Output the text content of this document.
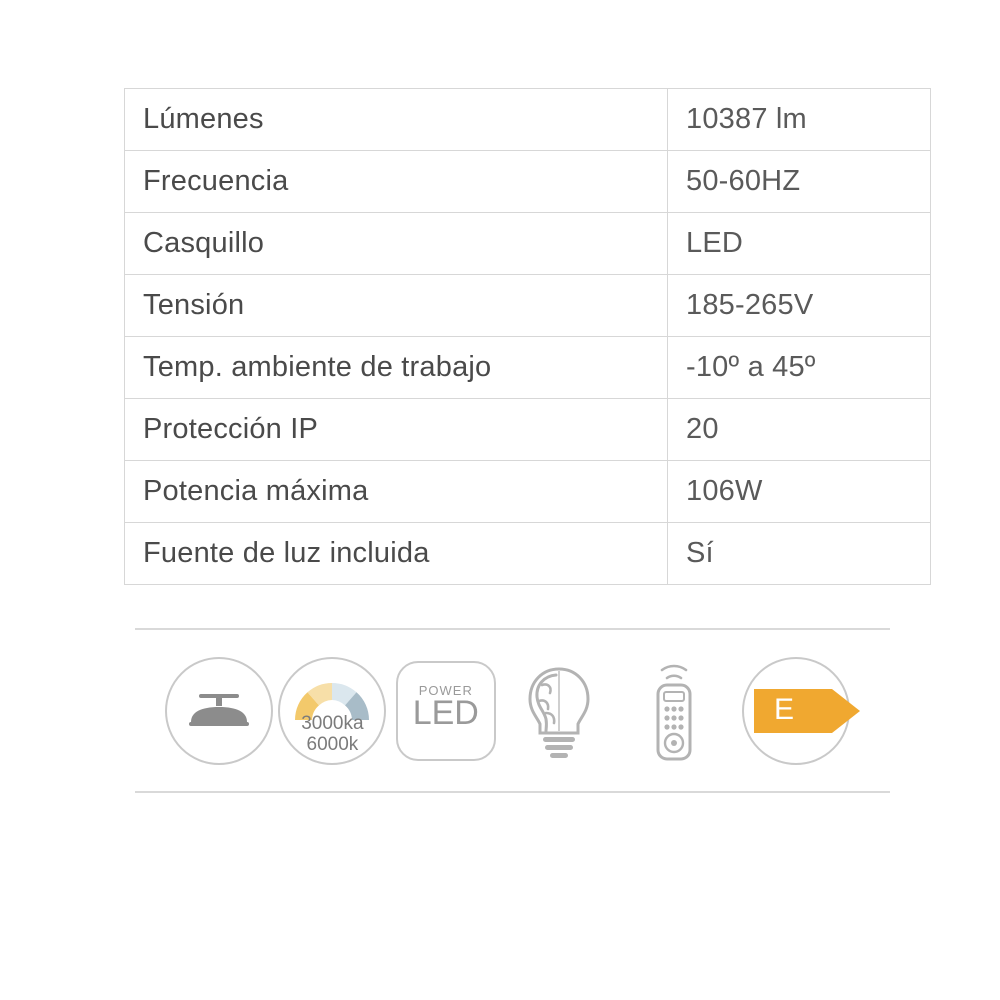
Lúmenes	10387 lm
Frecuencia	50-60HZ
Casquillo	LED
Tensión	185-265V
Temp. ambiente de trabajo	-10º a 45º
Protección IP	20
Potencia máxima	106W
Fuente de luz incluida	Sí
3000ka
6000k
POWER
LED	E
